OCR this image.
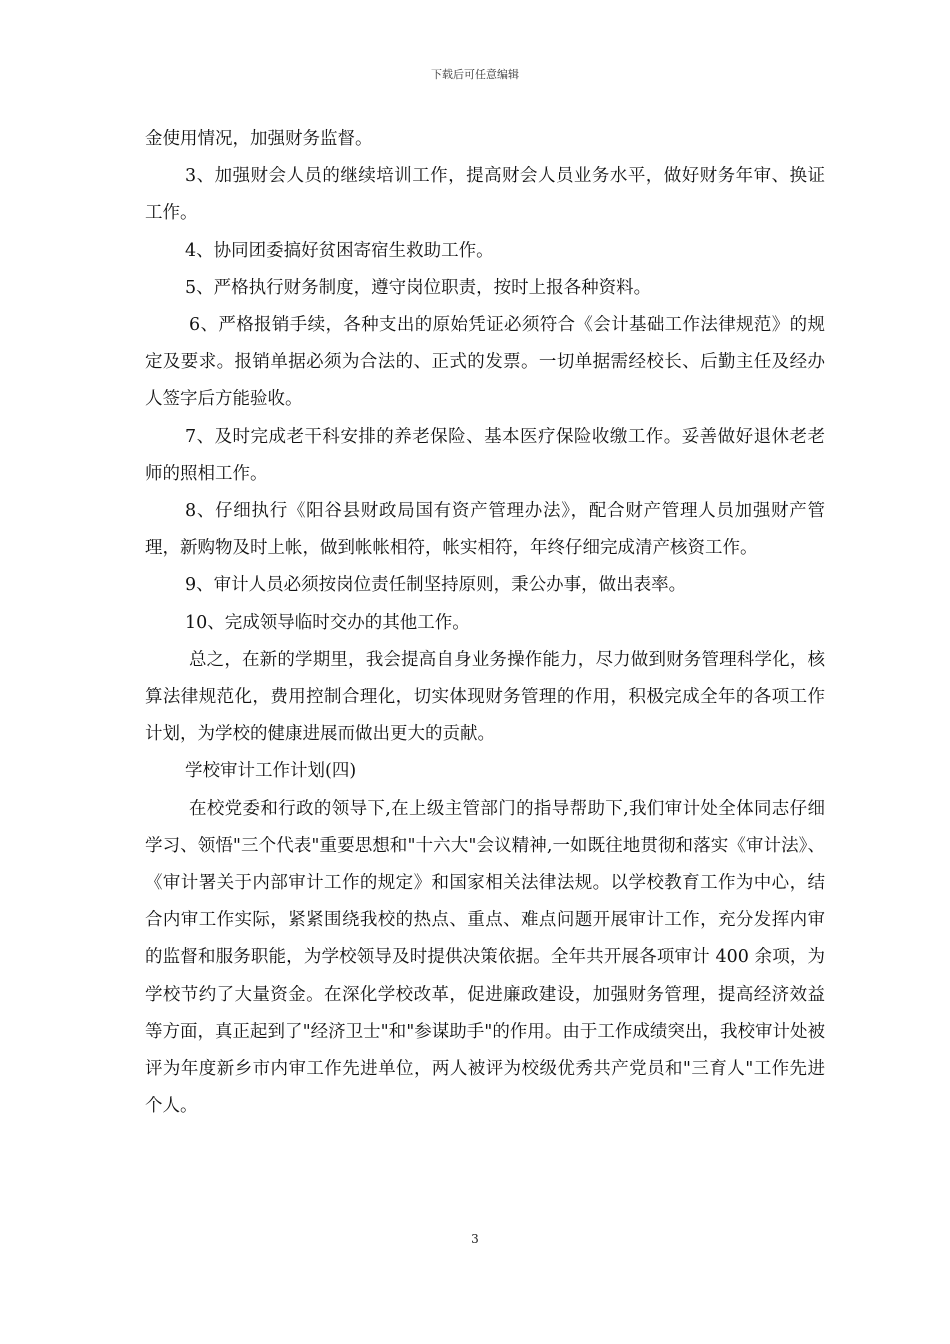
下载后可任意编辑

金使用情况，加强财务监督。

3、加强财会人员的继续培训工作，提高财会人员业务水平，做好财务年审、换证工作。

4、协同团委搞好贫困寄宿生救助工作。

5、严格执行财务制度，遵守岗位职责，按时上报各种资料。

6、严格报销手续，各种支出的原始凭证必须符合《会计基础工作法律规范》的规定及要求。报销单据必须为合法的、正式的发票。一切单据需经校长、后勤主任及经办人签字后方能验收。

7、及时完成老干科安排的养老保险、基本医疗保险收缴工作。妥善做好退休老老师的照相工作。

8、仔细执行《阳谷县财政局国有资产管理办法》，配合财产管理人员加强财产管理，新购物及时上帐，做到帐帐相符，帐实相符，年终仔细完成清产核资工作。

9、审计人员必须按岗位责任制坚持原则，秉公办事，做出表率。

10、完成领导临时交办的其他工作。

总之，在新的学期里，我会提高自身业务操作能力，尽力做到财务管理科学化，核算法律规范化，费用控制合理化，切实体现财务管理的作用，积极完成全年的各项工作计划，为学校的健康进展而做出更大的贡献。

学校审计工作计划(四)

在校党委和行政的领导下,在上级主管部门的指导帮助下,我们审计处全体同志仔细学习、领悟"三个代表"重要思想和"十六大"会议精神,一如既往地贯彻和落实《审计法》、《审计署关于内部审计工作的规定》和国家相关法律法规。以学校教育工作为中心，结合内审工作实际，紧紧围绕我校的热点、重点、难点问题开展审计工作，充分发挥内审的监督和服务职能，为学校领导及时提供决策依据。全年共开展各项审计 400 余项，为学校节约了大量资金。在深化学校改革，促进廉政建设，加强财务管理，提高经济效益等方面，真正起到了"经济卫士"和"参谋助手"的作用。由于工作成绩突出，我校审计处被评为年度新乡市内审工作先进单位，两人被评为校级优秀共产党员和"三育人"工作先进个人。

3
